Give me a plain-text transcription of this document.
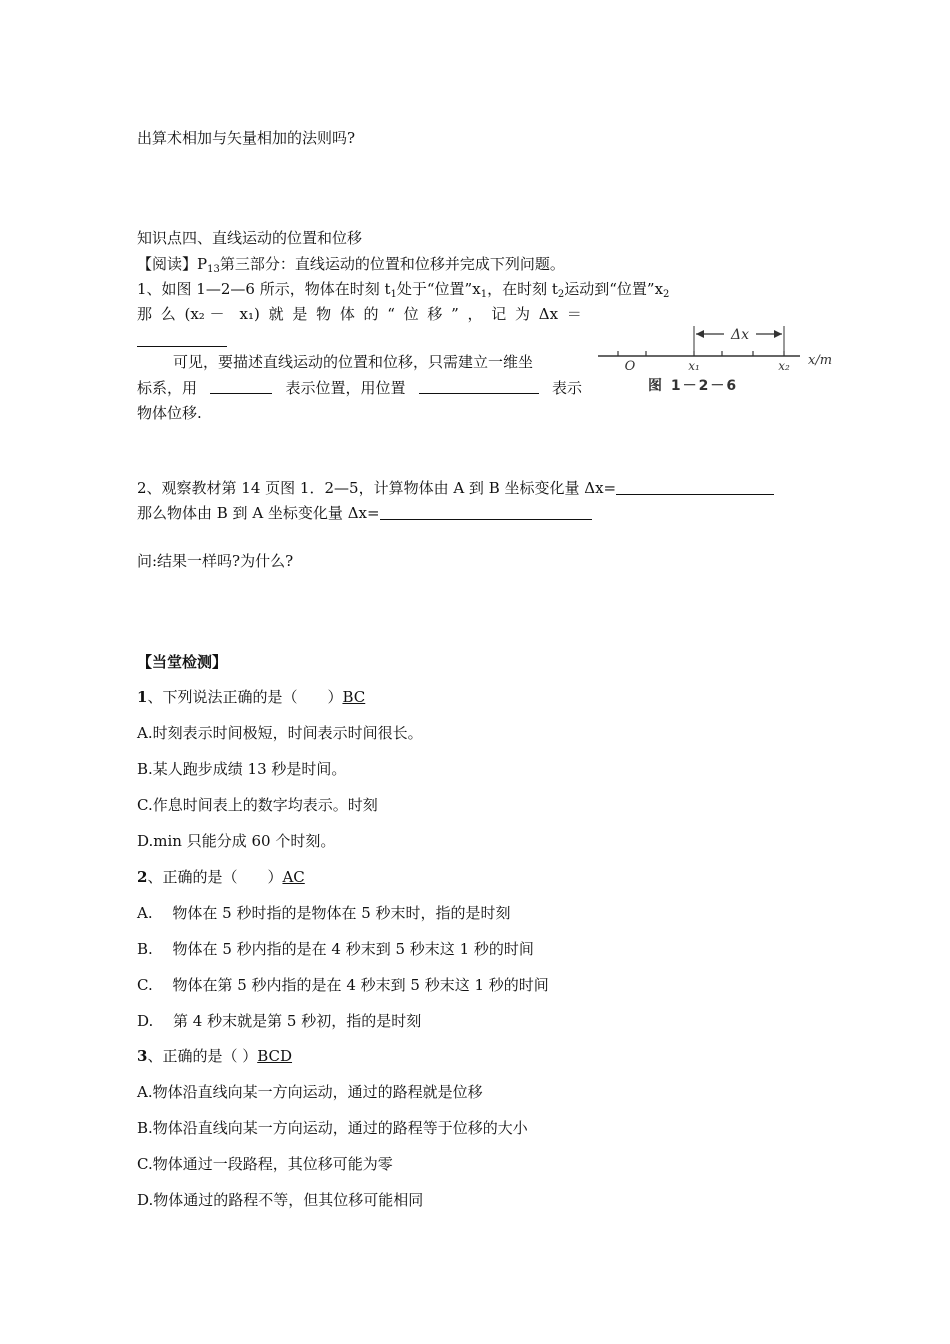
出算术相加与矢量相加的法则吗?
知识点四、直线运动的位置和位移
【阅读】$P_{13}$第三部分：直线运动的位置和位移并完成下列问题。
1、如图 1—2—6 所示，物体在时刻 $t_1$处于“位置$”x_1$，在时刻 $t_2$运动到“位置$”x_2$
那 么 (x₂ －　x₁) 就 是 物 体 的 “ 位 移 ” ， 记 为 Δx ＝
可见，要描述直线运动的位置和位移，只需建立一维坐
标系，用	表示位置，用位置	表示
物体位移.
Δx
O	x₁	x₂ x/m
图 1－2－6
2、观察教材第 14 页图 1．2—5，计算物体由 A 到 B 坐标变化量 Δx=
那么物体由 B 到 A 坐标变化量 Δx=
问:结果一样吗?为什么?
【当堂检测】
1、下列说法正确的是（　　）BC
A.时刻表示时间极短，时间表示时间很长。
B.某人跑步成绩 13 秒是时间。
C.作息时间表上的数字均表示。时刻
D.min 只能分成 60 个时刻。
2、正确的是（　　）AC
A.　 物体在 5 秒时指的是物体在 5 秒末时，指的是时刻
B.　 物体在 5 秒内指的是在 4 秒末到 5 秒末这 1 秒的时间
C.　 物体在第 5 秒内指的是在 4 秒末到 5 秒末这 1 秒的时间
D.　 第 4 秒末就是第 5 秒初，指的是时刻
3、正确的是（ ）BCD
A.物体沿直线向某一方向运动，通过的路程就是位移
B.物体沿直线向某一方向运动，通过的路程等于位移的大小
C.物体通过一段路程，其位移可能为零
D.物体通过的路程不等，但其位移可能相同
